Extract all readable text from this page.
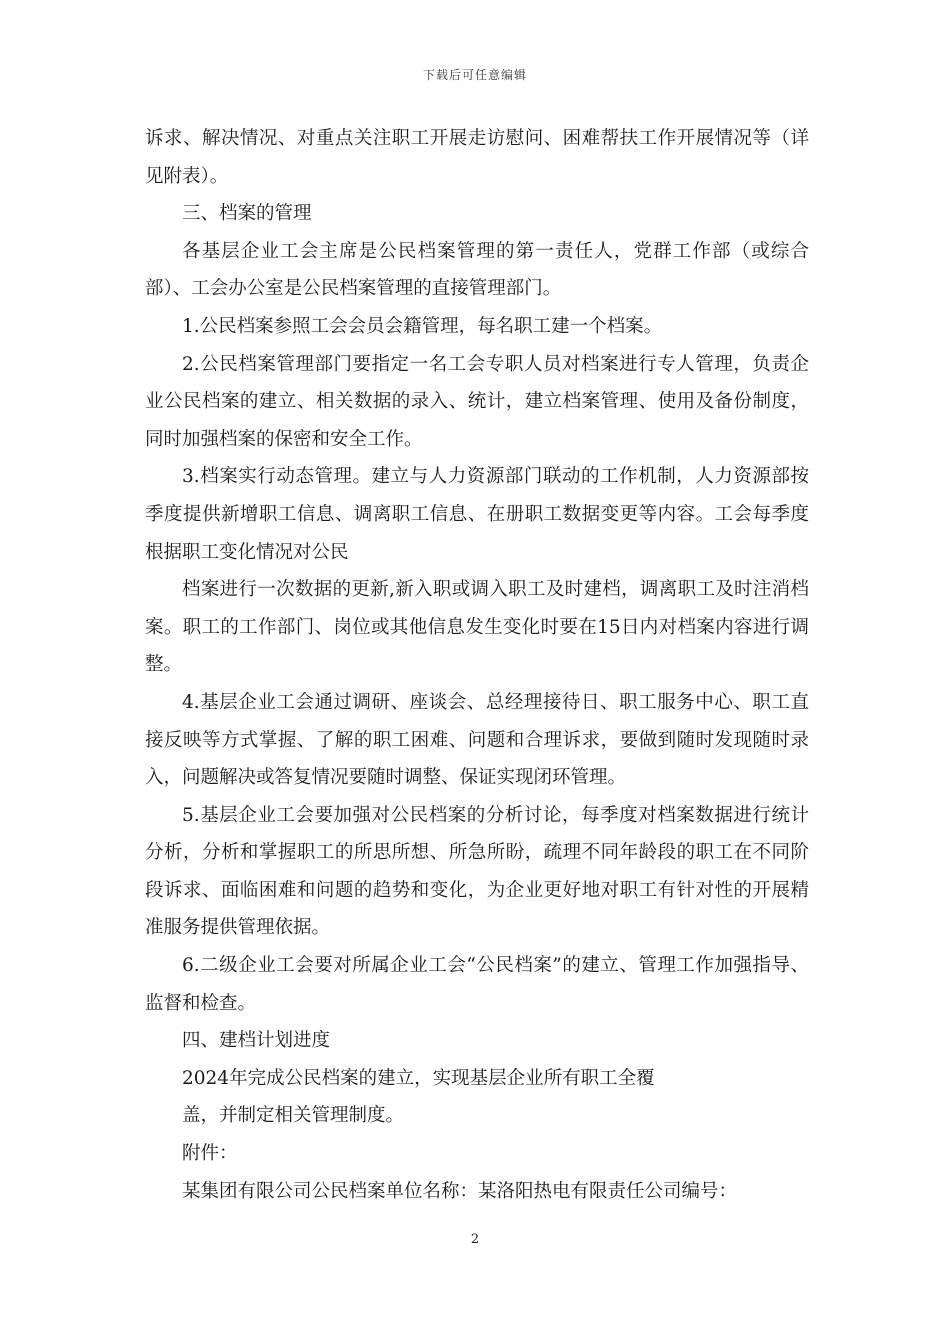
下载后可任意编辑

诉求、解决情况、对重点关注职工开展走访慰问、困难帮扶工作开展情况等（详见附表）。

三、档案的管理

各基层企业工会主席是公民档案管理的第一责任人，党群工作部（或综合部）、工会办公室是公民档案管理的直接管理部门。

1.公民档案参照工会会员会籍管理，每名职工建一个档案。

2.公民档案管理部门要指定一名工会专职人员对档案进行专人管理，负责企业公民档案的建立、相关数据的录入、统计，建立档案管理、使用及备份制度，同时加强档案的保密和安全工作。

3.档案实行动态管理。建立与人力资源部门联动的工作机制，人力资源部按季度提供新增职工信息、调离职工信息、在册职工数据变更等内容。工会每季度根据职工变化情况对公民

档案进行一次数据的更新,新入职或调入职工及时建档，调离职工及时注消档案。职工的工作部门、岗位或其他信息发生变化时要在15日内对档案内容进行调整。

4.基层企业工会通过调研、座谈会、总经理接待日、职工服务中心、职工直接反映等方式掌握、了解的职工困难、问题和合理诉求，要做到随时发现随时录入，问题解决或答复情况要随时调整、保证实现闭环管理。

5.基层企业工会要加强对公民档案的分析讨论，每季度对档案数据进行统计分析，分析和掌握职工的所思所想、所急所盼，疏理不同年龄段的职工在不同阶段诉求、面临困难和问题的趋势和变化，为企业更好地对职工有针对性的开展精准服务提供管理依据。

6.二级企业工会要对所属企业工会“公民档案”的建立、管理工作加强指导、监督和检查。

四、建档计划进度

2024年完成公民档案的建立，实现基层企业所有职工全覆

盖，并制定相关管理制度。

附件：

某集团有限公司公民档案单位名称：某洛阳热电有限责任公司编号：

2
